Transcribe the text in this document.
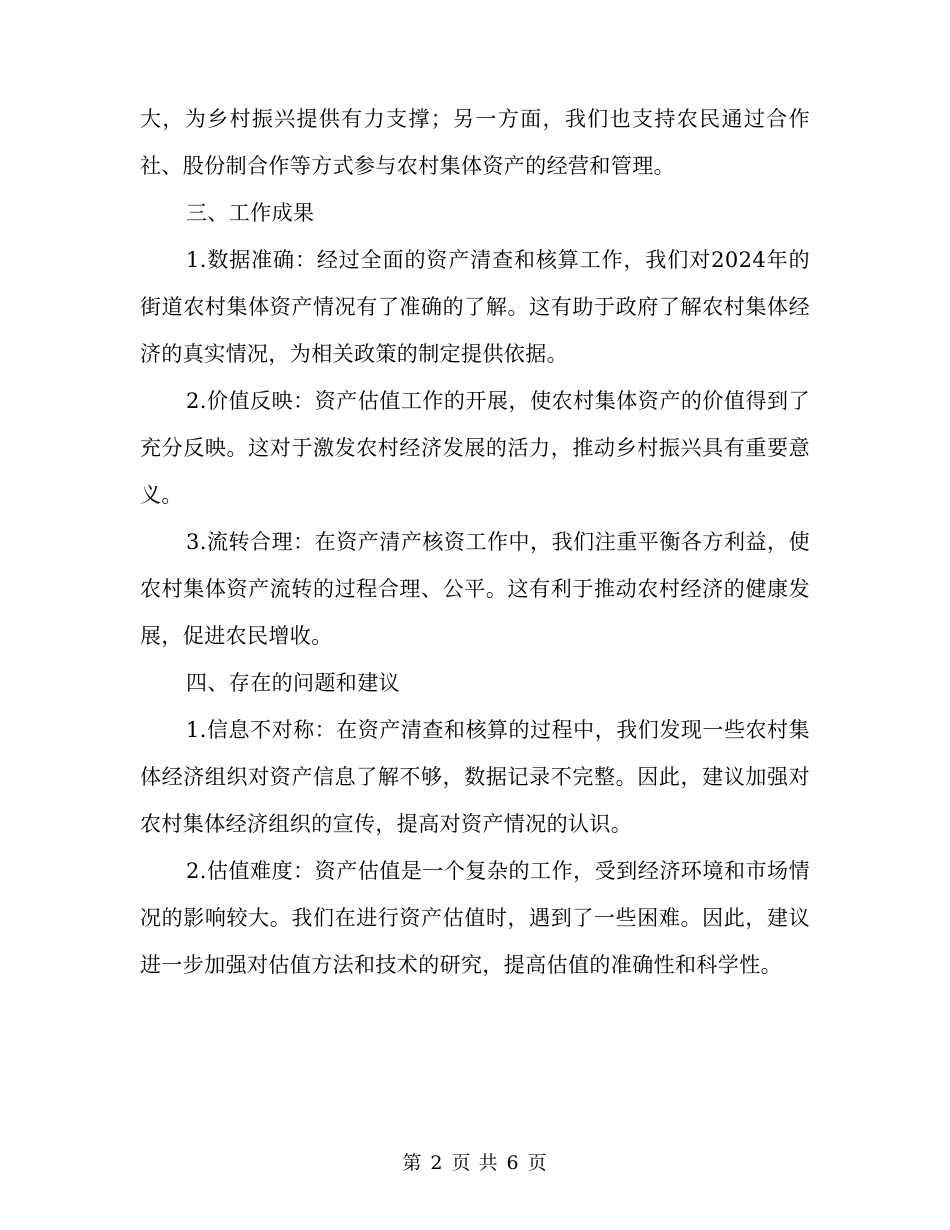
大，为乡村振兴提供有力支撑；另一方面，我们也支持农民通过合作社、股份制合作等方式参与农村集体资产的经营和管理。

三、工作成果

1.数据准确：经过全面的资产清查和核算工作，我们对2024年的街道农村集体资产情况有了准确的了解。这有助于政府了解农村集体经济的真实情况，为相关政策的制定提供依据。

2.价值反映：资产估值工作的开展，使农村集体资产的价值得到了充分反映。这对于激发农村经济发展的活力，推动乡村振兴具有重要意义。

3.流转合理：在资产清产核资工作中，我们注重平衡各方利益，使农村集体资产流转的过程合理、公平。这有利于推动农村经济的健康发展，促进农民增收。

四、存在的问题和建议

1.信息不对称：在资产清查和核算的过程中，我们发现一些农村集体经济组织对资产信息了解不够，数据记录不完整。因此，建议加强对农村集体经济组织的宣传，提高对资产情况的认识。

2.估值难度：资产估值是一个复杂的工作，受到经济环境和市场情况的影响较大。我们在进行资产估值时，遇到了一些困难。因此，建议进一步加强对估值方法和技术的研究，提高估值的准确性和科学性。

第 2 页 共 6 页
